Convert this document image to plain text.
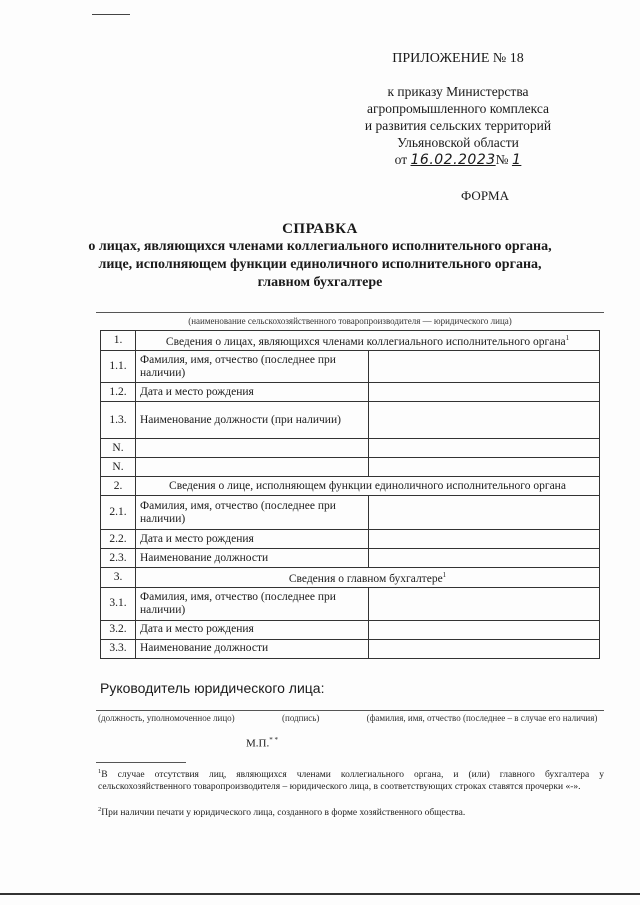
ПРИЛОЖЕНИЕ № 18
к приказу Министерства
агропромышленного комплекса
и развития сельских территорий
Ульяновской области
от 16.02.2023№ 1
ФОРМА
СПРАВКА
о лицах, являющихся членами коллегиального исполнительного органа,
лице, исполняющем функции единоличного исполнительного органа,
главном бухгалтере
(наименование сельскохозяйственного товаропроизводителя — юридического лица)
1.	Сведения о лицах, являющихся членами коллегиального исполнительного органа$^1$
1.1.	Фамилия, имя, отчество (последнее при наличии)	
1.2.	Дата и место рождения	
1.3.	Наименование должности (при наличии)	
N.		
N.		
2.	Сведения о лице, исполняющем функции единоличного исполнительного органа	
2.1.	Фамилия, имя, отчество (последнее при наличии)	
2.2.	Дата и место рождения	
2.3.	Наименование должности	
3.	Сведения о главном бухгалтере$^1$
3.1.	Фамилия, имя, отчество (последнее при наличии)	
3.2.	Дата и место рождения	
3.3.	Наименование должности	
Руководитель юридического лица:
(должность, уполномоченное лицо)	(подпись)	(фамилия, имя, отчество (последнее – в случае его наличия)
М.П.* *
$^1$В случае отсутствия лиц, являющихся членами коллегиального органа, и (или) главного бухгалтера у сельскохозяйственного товаропроизводителя – юридического лица, в соответствующих строках ставятся прочерки «-».
$^2$При наличии печати у юридического лица, созданного в форме хозяйственного общества.
